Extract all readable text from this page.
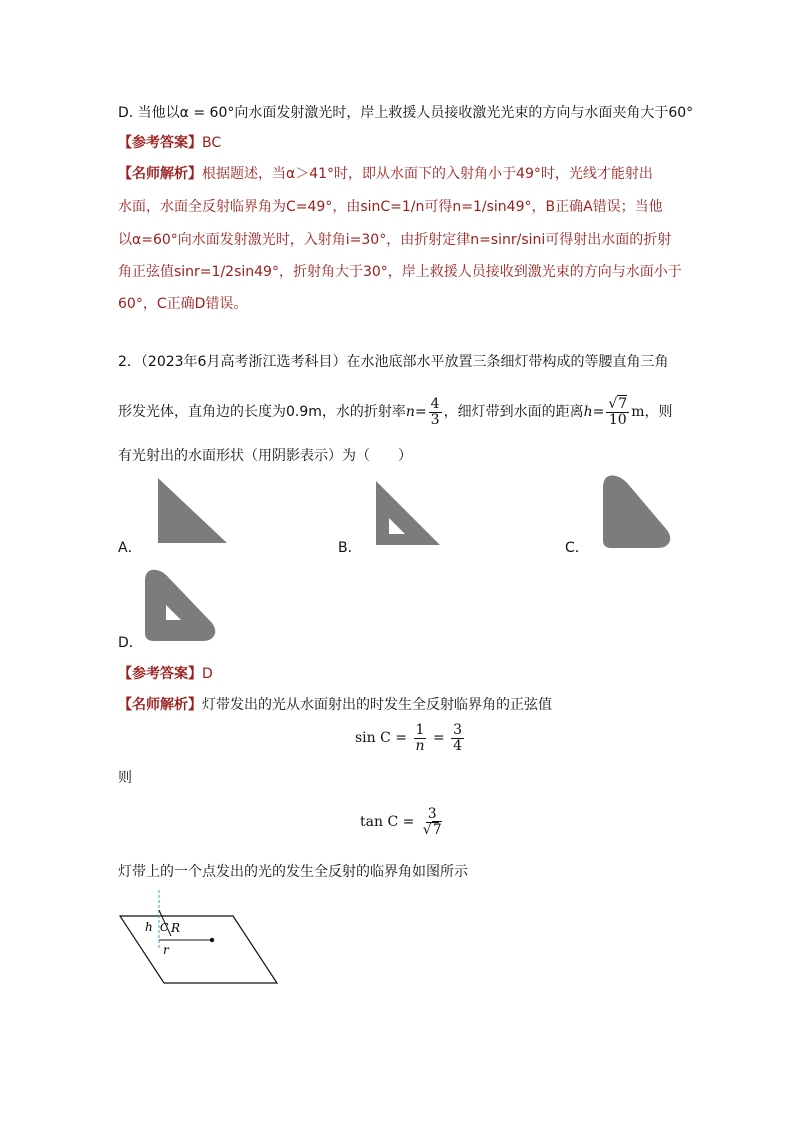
D. 当他以α = 60°向水面发射激光时，岸上救援人员接收激光光束的方向与水面夹角大于60°
【参考答案】BC
【名师解析】根据题述，当α＞41°时，即从水面下的入射角小于49°时，光线才能射出
水面，水面全反射临界角为C=49°，由sinC=1/n可得n=1/sin49°，B正确A错误；当他
以α=60°向水面发射激光时，入射角i=30°，由折射定律n=sinr/sini可得射出水面的折射
角正弦值sinr=1/2sin49°，折射角大于30°，岸上救援人员接收到激光束的方向与水面小于
60°，C正确D错误。
2．（2023年6月高考浙江选考科目）在水池底部水平放置三条细灯带构成的等腰直角三角
形发光体，直角边的长度为0.9m，水的折射率$n= \frac{4}{3}$ ，细灯带到水面的距离$h= \frac{√7}{10}$ m，则
有光射出的水面形状（用阴影表示）为（　　）
A．	B．	C．
D．
【参考答案】D
【名师解析】灯带发出的光从水面射出的时发生全反射临界角的正弦值
$\sin C = \frac{1}{n} = \frac{3}{4}$
则
$\tan C = \frac{3}{√7}$
灯带上的一个点发出的光的发生全反射的临界角如图所示
h C R
r
